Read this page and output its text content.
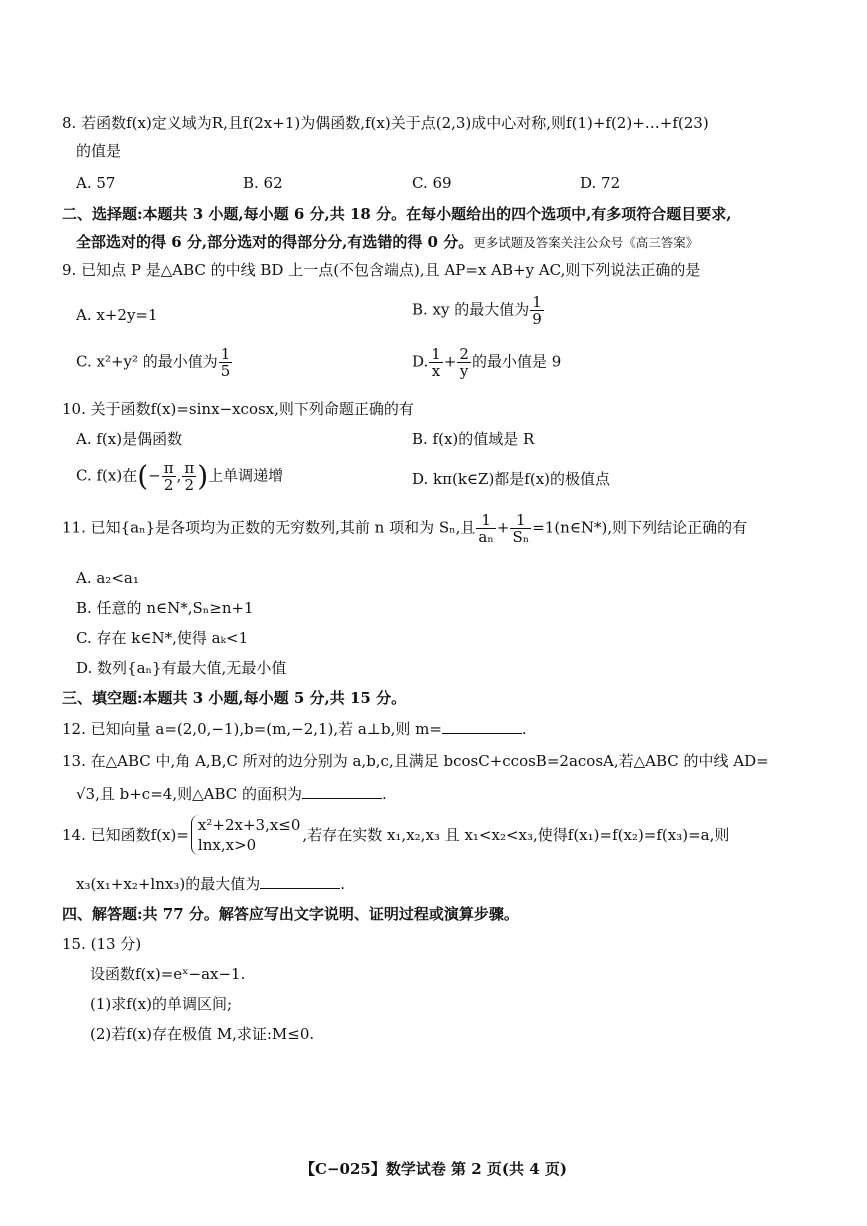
8. 若函数f(x)定义域为R,且f(2x+1)为偶函数,f(x)关于点(2,3)成中心对称,则f(1)+f(2)+…+f(23)
的值是
A. 57	B. 62	C. 69	D. 72
二、选择题:本题共 3 小题,每小题 6 分,共 18 分。在每小题给出的四个选项中,有多项符合题目要求,
全部选对的得 6 分,部分选对的得部分分,有选错的得 0 分。更多试题及答案关注公众号《高三答案》
9. 已知点 P 是△ABC 的中线 BD 上一点(不包含端点),且 AP=x AB+y AC,则下列说法正确的是
A. x+2y=1	B. xy 的最大值为 $\frac{1}{9}$
C. x²+y² 的最小值为 $\frac{1}{5}$	D. $\frac{1}{x} + \frac{2}{y}$ 的最小值是 9
10. 关于函数f(x)=sinx−xcosx,则下列命题正确的有
A. f(x)是偶函数	B. f(x)的值域是 R
C. f(x)在(− $\frac{\pi}{2}$ , $\frac{\pi}{2}$ )上单调递增	D. kπ(k∈Z)都是f(x)的极值点
11. 已知{aₙ}是各项均为正数的无穷数列,其前 n 项和为 Sₙ,且 $\frac{1}{\text{aₙ}} + \frac{1}{\text{Sₙ}}$ =1(n∈N*),则下列结论正确的有
A. a₂<a₁
B. 任意的 n∈N*,Sₙ≥n+1
C. 存在 k∈N*,使得 aₖ<1
D. 数列{aₙ}有最大值,无最小值
三、填空题:本题共 3 小题,每小题 5 分,共 15 分。
12. 已知向量 a=(2,0,−1),b=(m,−2,1),若 a⊥b,则 m=	.
13. 在△ABC 中,角 A,B,C 所对的边分别为 a,b,c,且满足 bcosC+ccosB=2acosA,若△ABC 的中线 AD=
√3,且 b+c=4,则△ABC 的面积为	.
14. 已知函数f(x)=
x²+2x+3,x≤0
lnx,x>0
,若存在实数 x₁,x₂,x₃ 且 x₁<x₂<x₃,使得f(x₁)=f(x₂)=f(x₃)=a,则
x₃(x₁+x₂+lnx₃)的最大值为	.
四、解答题:共 77 分。解答应写出文字说明、证明过程或演算步骤。
15. (13 分)
设函数f(x)=eˣ−ax−1.
(1)求f(x)的单调区间;
(2)若f(x)存在极值 M,求证:M≤0.
【C−025】数学试卷 第 2 页(共 4 页)
